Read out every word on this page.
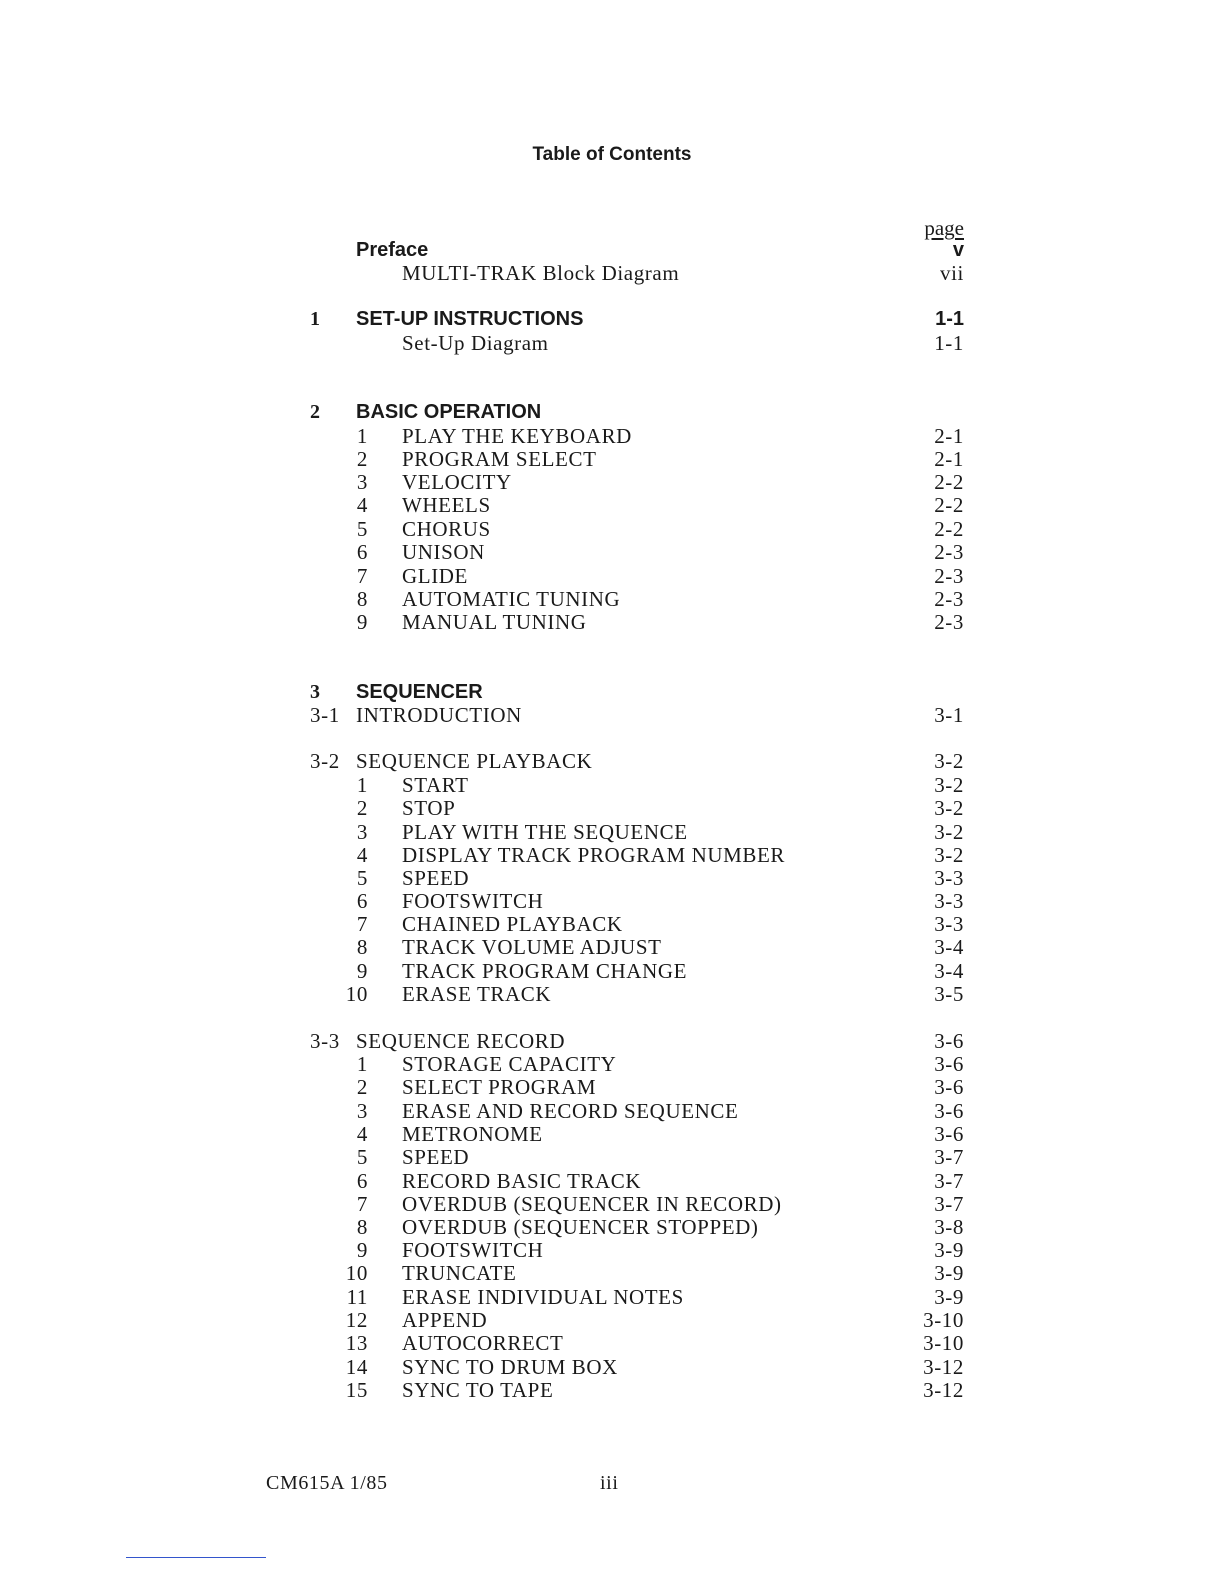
Table of Contents
page
Preface	v
MULTI-TRAK Block Diagram	vii
1 SET-UP INSTRUCTIONS	1-1
Set-Up Diagram	1-1
2 BASIC OPERATION
1 PLAY THE KEYBOARD	2-1
2 PROGRAM SELECT	2-1
3 VELOCITY	2-2
4 WHEELS	2-2
5 CHORUS	2-2
6 UNISON	2-3
7 GLIDE	2-3
8 AUTOMATIC TUNING	2-3
9 MANUAL TUNING	2-3
3 SEQUENCER
3-1 INTRODUCTION	3-1
3-2 SEQUENCE PLAYBACK	3-2
1 START	3-2
2 STOP	3-2
3 PLAY WITH THE SEQUENCE	3-2
4 DISPLAY TRACK PROGRAM NUMBER	3-2
5 SPEED	3-3
6 FOOTSWITCH	3-3
7 CHAINED PLAYBACK	3-3
8 TRACK VOLUME ADJUST	3-4
9 TRACK PROGRAM CHANGE	3-4
10 ERASE TRACK	3-5
3-3 SEQUENCE RECORD	3-6
1 STORAGE CAPACITY	3-6
2 SELECT PROGRAM	3-6
3 ERASE AND RECORD SEQUENCE	3-6
4 METRONOME	3-6
5 SPEED	3-7
6 RECORD BASIC TRACK	3-7
7 OVERDUB (SEQUENCER IN RECORD)	3-7
8 OVERDUB (SEQUENCER STOPPED)	3-8
9 FOOTSWITCH	3-9
10 TRUNCATE	3-9
11 ERASE INDIVIDUAL NOTES	3-9
12 APPEND	3-10
13 AUTOCORRECT	3-10
14 SYNC TO DRUM BOX	3-12
15 SYNC TO TAPE	3-12
CM615A 1/85	iii
